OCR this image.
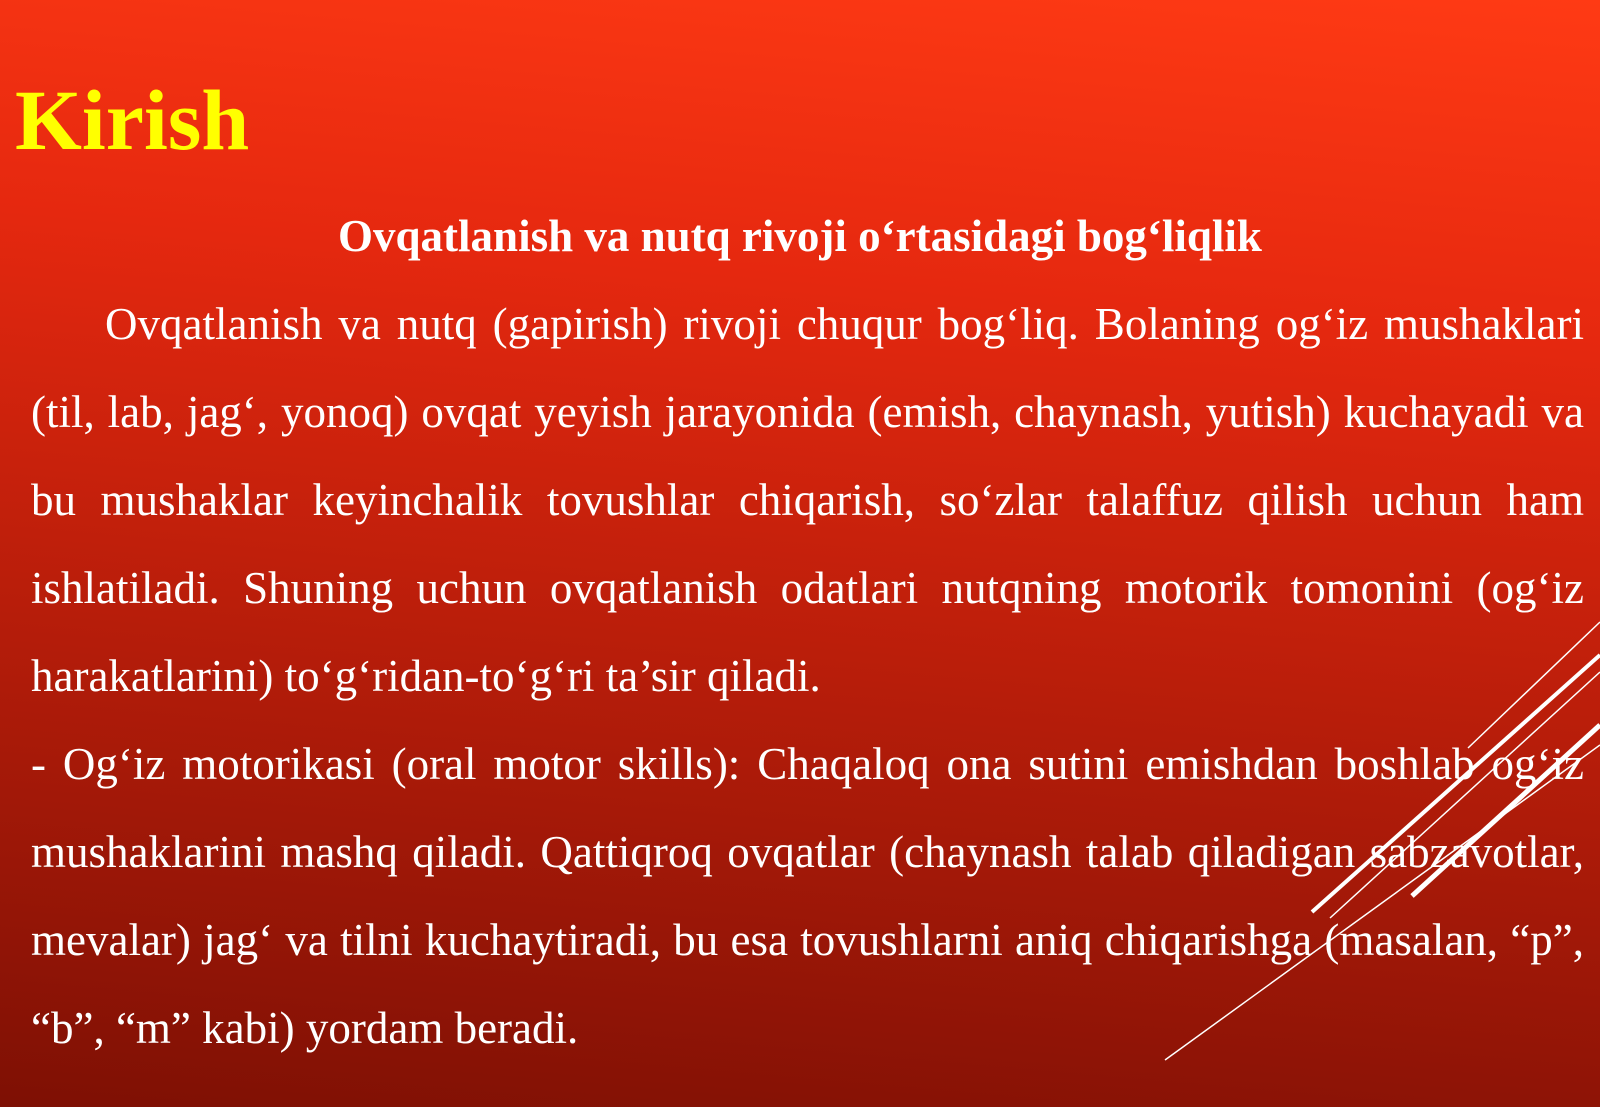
Kirish
Ovqatlanish va nutq rivoji o‘rtasidagi bog‘liqlik

Ovqatlanish va nutq (gapirish) rivoji chuqur bog‘liq. Bolaning og‘iz mushaklari (til, lab, jag‘, yonoq) ovqat yeyish jarayonida (emish, chaynash, yutish) kuchayadi va bu mushaklar keyinchalik tovushlar chiqarish, so‘zlar talaffuz qilish uchun ham ishlatiladi. Shuning uchun ovqatlanish odatlari nutqning motorik tomonini (og‘iz harakatlarini) to‘g‘ridan-to‘g‘ri ta’sir qiladi.

- Og‘iz motorikasi (oral motor skills): Chaqaloq ona sutini emishdan boshlab og‘iz mushaklarini mashq qiladi. Qattiqroq ovqatlar (chaynash talab qiladigan sabzavotlar, mevalar) jag‘ va tilni kuchaytiradi, bu esa tovushlarni aniq chiqarishga (masalan, “p”, “b”, “m” kabi) yordam beradi.
